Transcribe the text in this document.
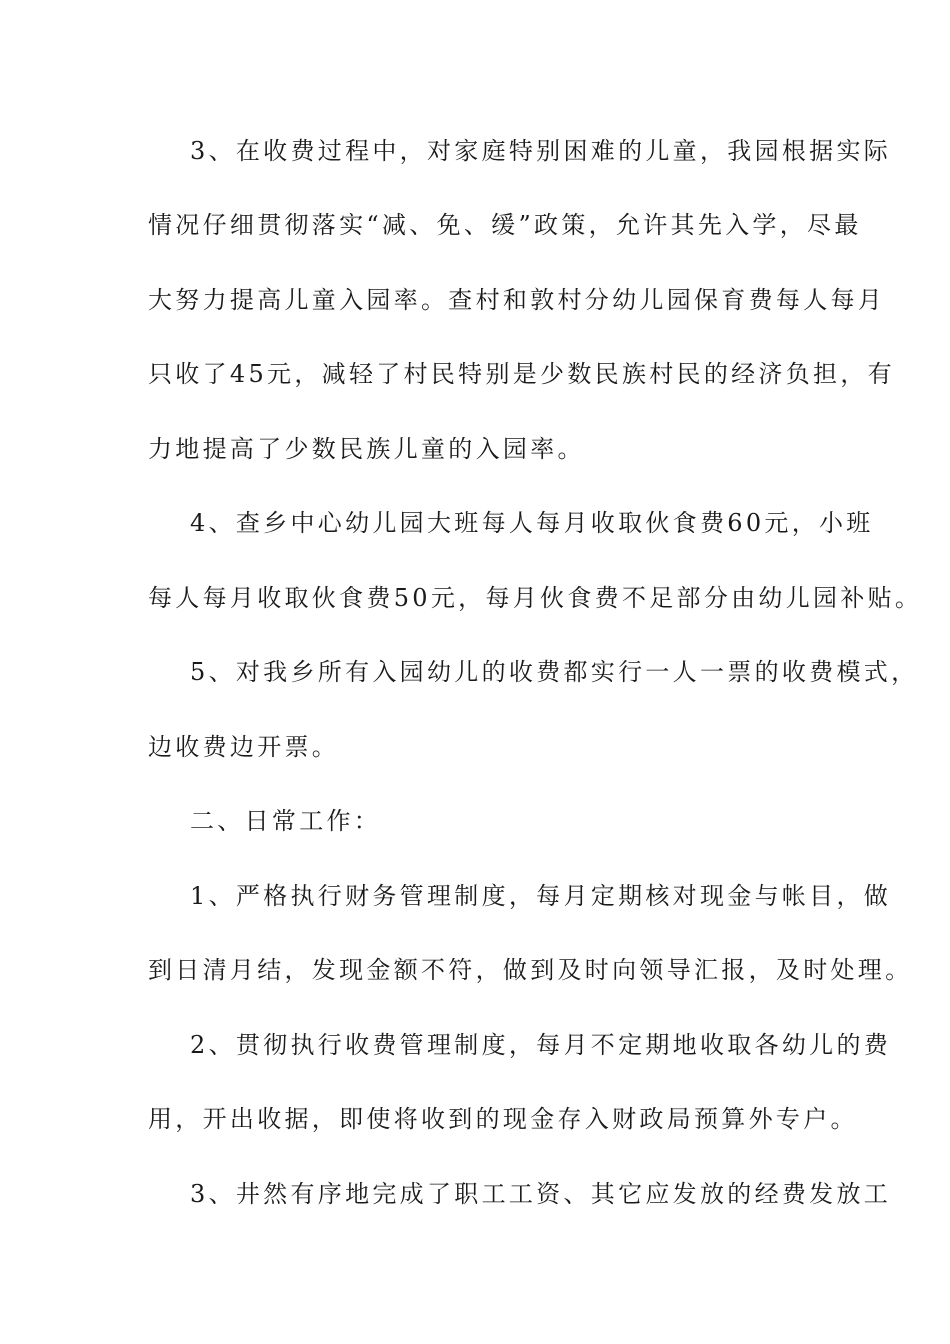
3、在收费过程中，对家庭特别困难的儿童，我园根据实际
情况仔细贯彻落实“减、免、缓”政策，允许其先入学，尽最
大努力提高儿童入园率。查村和敦村分幼儿园保育费每人每月
只收了45元，减轻了村民特别是少数民族村民的经济负担，有
力地提高了少数民族儿童的入园率。
4、查乡中心幼儿园大班每人每月收取伙食费60元，小班
每人每月收取伙食费50元，每月伙食费不足部分由幼儿园补贴。
5、对我乡所有入园幼儿的收费都实行一人一票的收费模式，
边收费边开票。
二、日常工作：
1、严格执行财务管理制度，每月定期核对现金与帐目，做
到日清月结，发现金额不符，做到及时向领导汇报，及时处理。
2、贯彻执行收费管理制度，每月不定期地收取各幼儿的费
用，开出收据，即使将收到的现金存入财政局预算外专户。
3、井然有序地完成了职工工资、其它应发放的经费发放工
